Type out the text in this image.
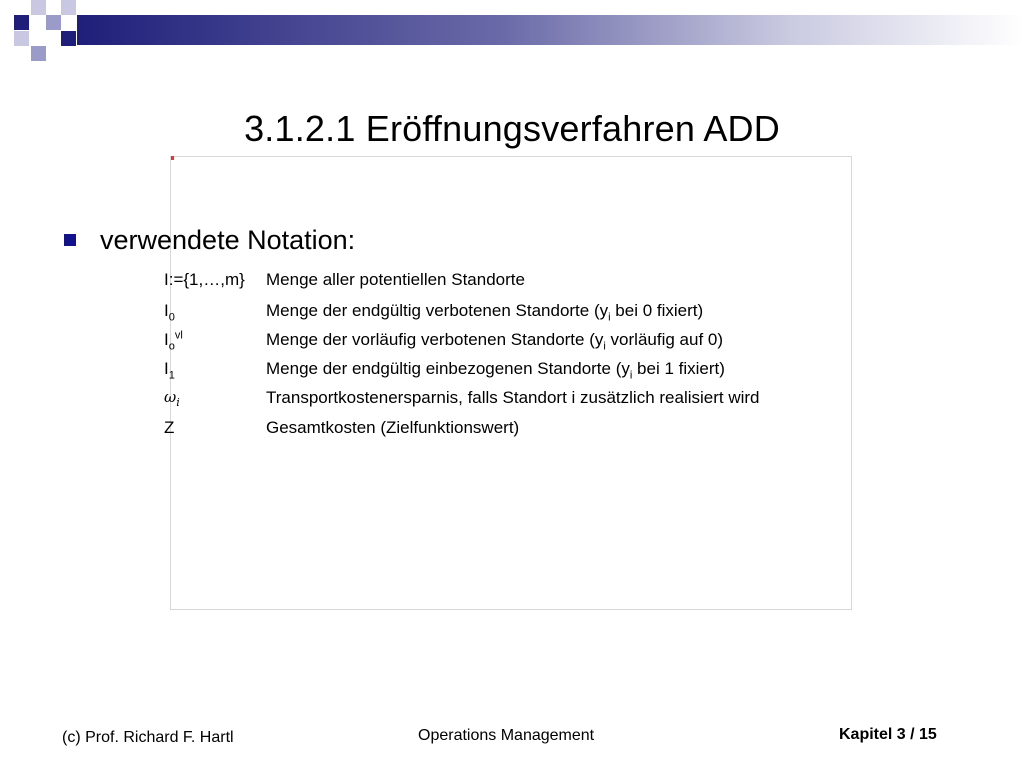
3.1.2.1 Eröffnungsverfahren ADD
verwendete Notation:
I:={1,…,m} Menge aller potentiellen Standorte
$I_0$	Menge der endgültig verbotenen Standorte ($y_i$ bei 0 fixiert)
$I_o^{vl}$	Menge der vorläufig verbotenen Standorte ($y_i$ vorläufig auf 0)
$I_1$	Menge der endgültig einbezogenen Standorte ($y_i$ bei 1 fixiert)
$\omega_i$	Transportkostenersparnis, falls Standort i zusätzlich realisiert wird
Z	Gesamtkosten (Zielfunktionswert)
(c) Prof. Richard F. Hartl	Operations Management	Kapitel 3 / 15
